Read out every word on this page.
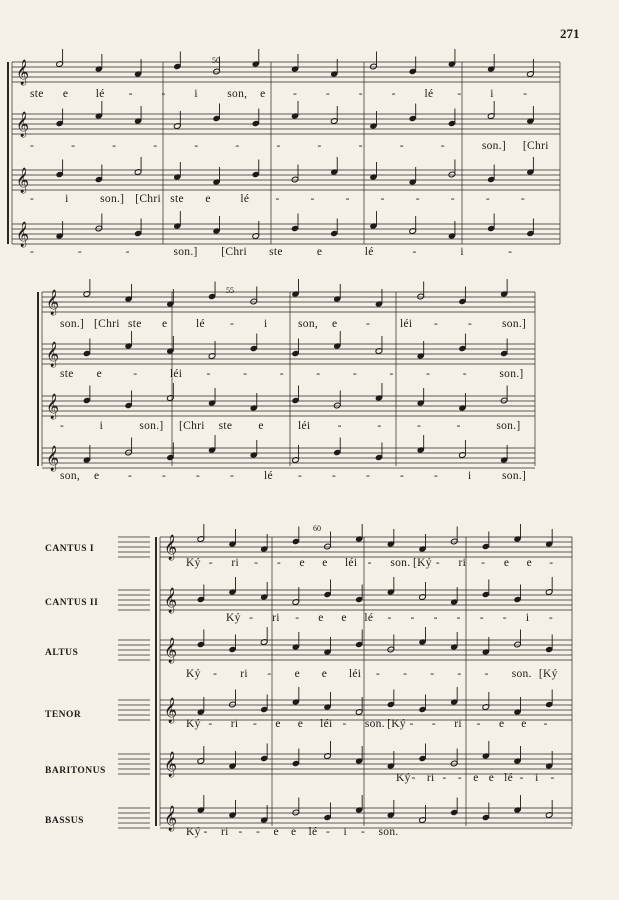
271
𝄞
𝄞
𝄞
𝄞
𝄞
𝄞
𝄞
𝄞
𝄞
𝄞
𝄞
𝄞
𝄞
𝄞
50
55
60
ste e lé - - i	son, e - - - - lé - i	-
-	-	-	-	-	-	-	-	-	-	-	son.] [Chri
-	i	son.] [Chri ste e	lé -	-	-	-	-	-	-	-
-	-	-	son.] [Chri ste	e	lé	-	i	-
son.] [Chri ste e lé -	i	son, e -	léi -	-	son.]
ste e	-	léi -	-	-	-	-	-	-	-	son.]
-	i	son.] [Chri ste e	léi -	-	-	-	son.]
son, e -	-	-	-	lé -	-	-	-	-	i	son.]
CANTUS I
CANTUS II
ALTUS
TENOR
BARITONUS
BASSUS
Ký - ri - - e e léi - son. [Ký - ri - e e -
Ký - ri - e e lé - - - - - - i -
Ký - ri - e e léi - - - - - son. [Ký
Ký - ri - e e léi - son. [Ký - - ri - e e -
Ký - ri - - e e lé - i -
Ký - ri - - e e lé - i - son.
